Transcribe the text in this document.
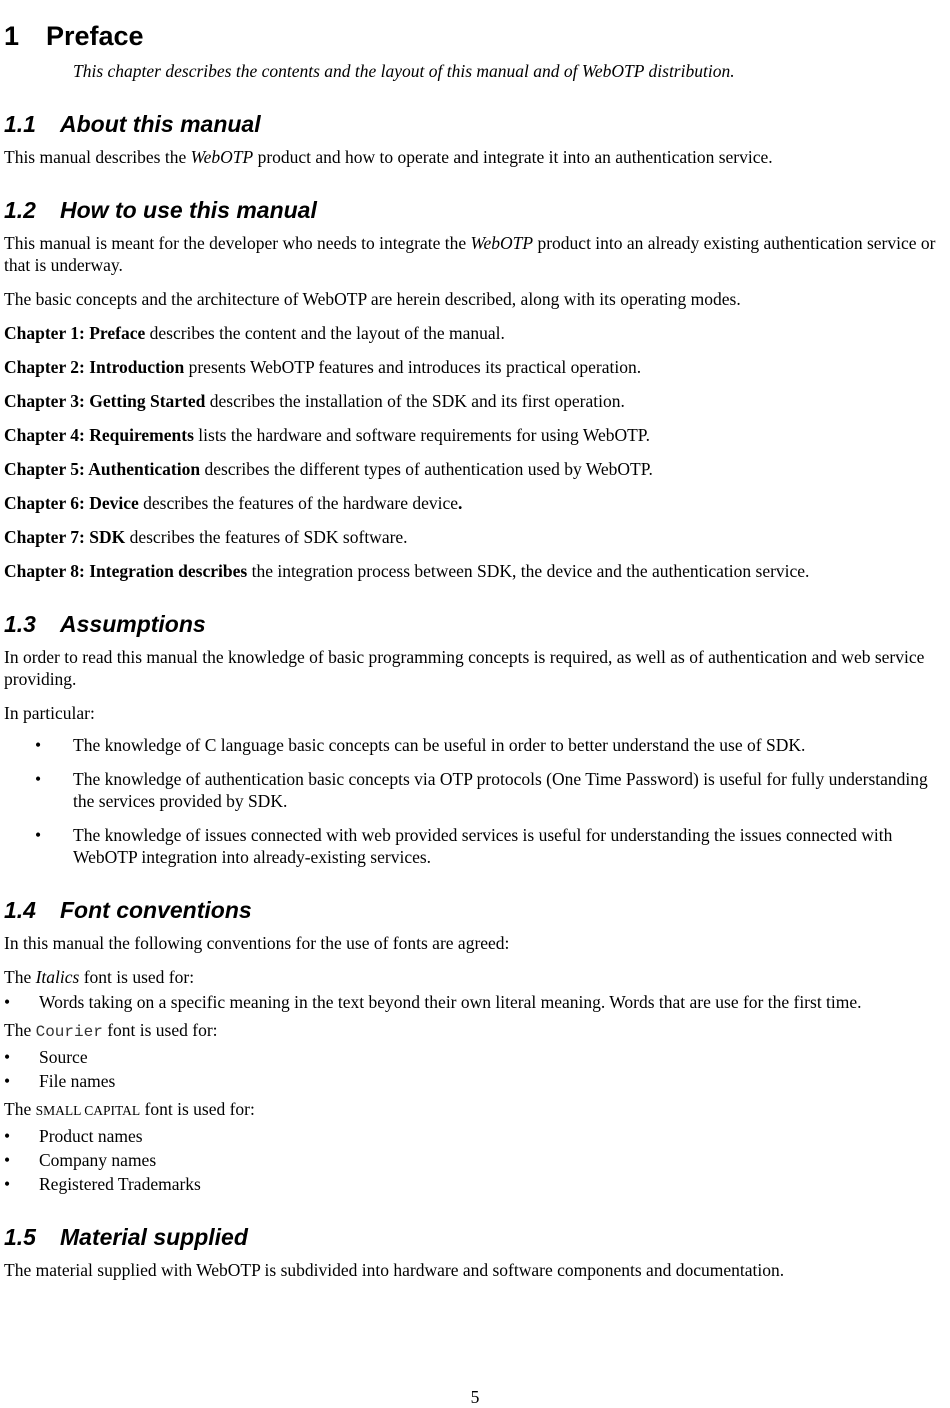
1 Preface
This chapter describes the contents and the layout of this manual and of WebOTP distribution.
1.1 About this manual

This manual describes the WebOTP product and how to operate and integrate it into an authentication service.

1.2 How to use this manual

This manual is meant for the developer who needs to integrate the WebOTP product into an already existing authentication service or that is underway.

The basic concepts and the architecture of WebOTP are herein described, along with its operating modes.

Chapter 1: Preface describes the content and the layout of the manual.

Chapter 2: Introduction presents WebOTP features and introduces its practical operation.

Chapter 3: Getting Started describes the installation of the SDK and its first operation.

Chapter 4: Requirements lists the hardware and software requirements for using WebOTP.

Chapter 5: Authentication describes the different types of authentication used by WebOTP.

Chapter 6: Device describes the features of the hardware device.

Chapter 7: SDK describes the features of SDK software.

Chapter 8: Integration describes the integration process between SDK, the device and the authentication service.

1.3 Assumptions

In order to read this manual the knowledge of basic programming concepts is required, as well as of authentication and web service providing.

In particular:

• The knowledge of C language basic concepts can be useful in order to better understand the use of SDK.
• The knowledge of authentication basic concepts via OTP protocols (One Time Password) is useful for fully understanding the services provided by SDK.
• The knowledge of issues connected with web provided services is useful for understanding the issues connected with WebOTP integration into already-existing services.
1.4 Font conventions

In this manual the following conventions for the use of fonts are agreed:

The Italics font is used for:

• Words taking on a specific meaning in the text beyond their own literal meaning. Words that are use for the first time.

The Courier font is used for:

• Source
• File names

The SMALL CAPITAL font is used for:

• Product names
• Company names
• Registered Trademarks
1.5 Material supplied

The material supplied with WebOTP is subdivided into hardware and software components and documentation.

5
